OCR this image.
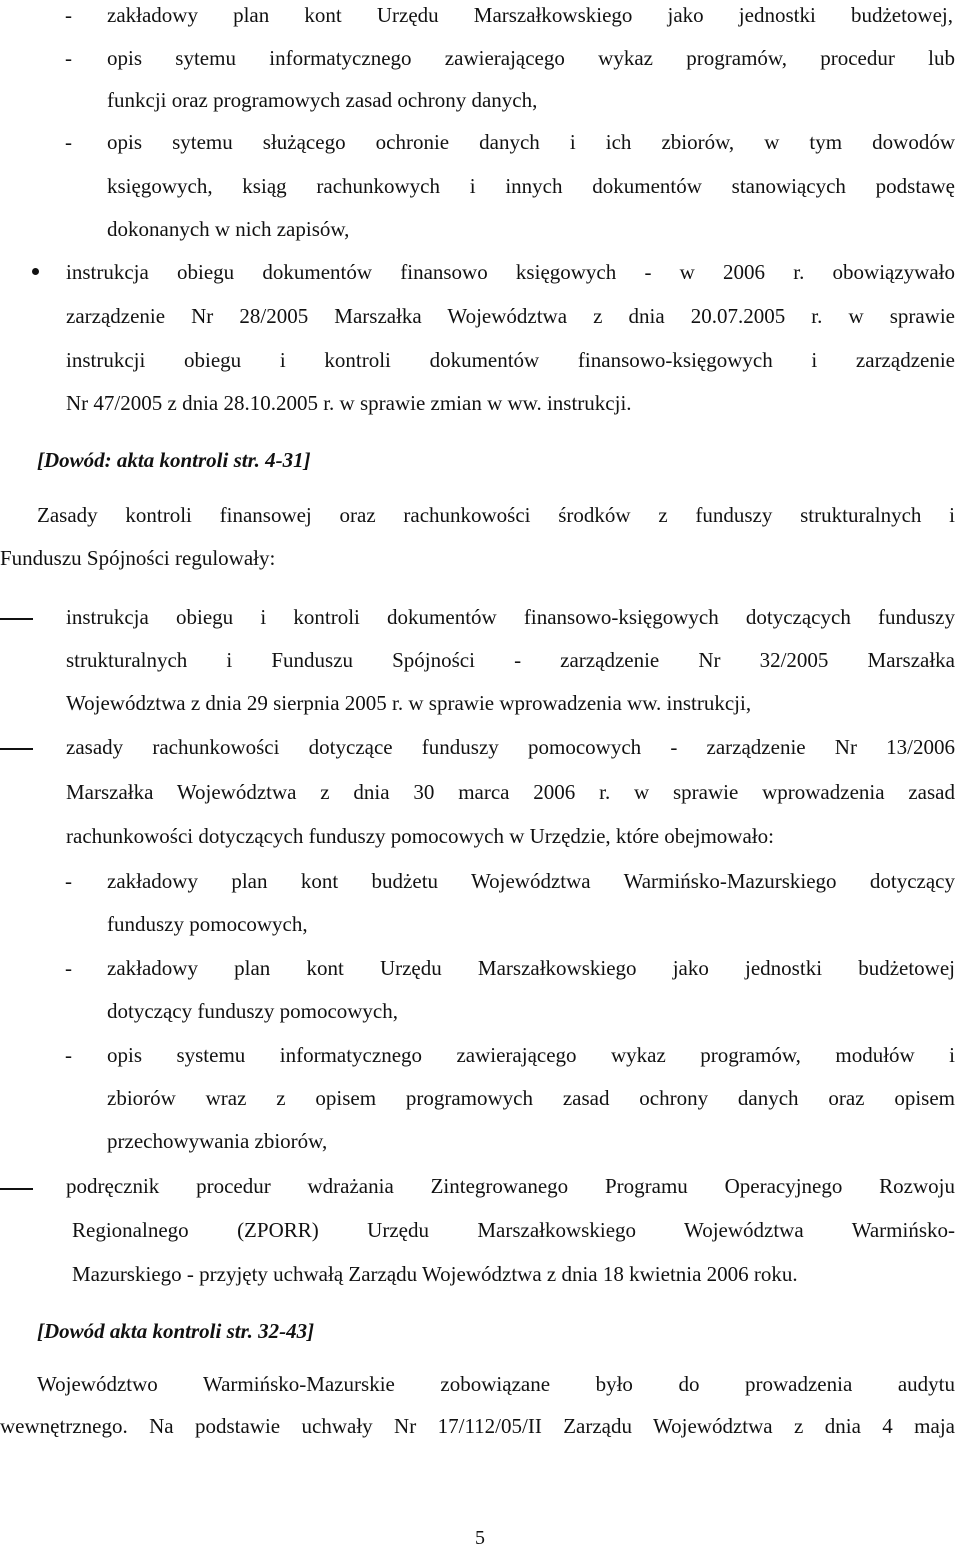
-
-
-
zakładowy plan kont Urzędu Marszałkowskiego jako jednostki budżetowej,
opis sytemu informatycznego zawierającego wykaz programów, procedur lub
funkcji oraz programowych zasad ochrony danych,
opis sytemu służącego ochronie danych i ich zbiorów, w tym dowodów
księgowych, ksiąg rachunkowych i innych dokumentów stanowiących podstawę
dokonanych w nich zapisów,
instrukcja obiegu dokumentów finansowo księgowych - w 2006 r. obowiązywało
zarządzenie Nr 28/2005 Marszałka Województwa z dnia 20.07.2005 r. w sprawie
instrukcji obiegu i kontroli dokumentów finansowo-księgowych i zarządzenie
Nr 47/2005 z dnia 28.10.2005 r. w sprawie zmian w ww. instrukcji.
[Dowód: akta kontroli str. 4-31]
Zasady kontroli finansowej oraz rachunkowości środków z funduszy strukturalnych i
Funduszu Spójności regulowały:
instrukcja obiegu i kontroli dokumentów finansowo-księgowych dotyczących funduszy
strukturalnych i Funduszu Spójności - zarządzenie Nr 32/2005 Marszałka
Województwa z dnia 29 sierpnia 2005 r. w sprawie wprowadzenia ww. instrukcji,
zasady rachunkowości dotyczące funduszy pomocowych - zarządzenie Nr 13/2006
Marszałka Województwa z dnia 30 marca 2006 r. w sprawie wprowadzenia zasad
rachunkowości dotyczących funduszy pomocowych w Urzędzie, które obejmowało:
- zakładowy plan kont budżetu Województwa Warmińsko-Mazurskiego dotyczący
funduszy pomocowych,
- zakładowy plan kont Urzędu Marszałkowskiego jako jednostki budżetowej
dotyczący funduszy pomocowych,
- opis systemu informatycznego zawierającego wykaz programów, modułów i
zbiorów wraz z opisem programowych zasad ochrony danych oraz opisem
przechowywania zbiorów,
podręcznik procedur wdrażania Zintegrowanego Programu Operacyjnego Rozwoju
Regionalnego (ZPORR) Urzędu Marszałkowskiego Województwa Warmińsko-
Mazurskiego - przyjęty uchwałą Zarządu Województwa z dnia 18 kwietnia 2006 roku.
[Dowód akta kontroli str. 32-43]
Województwo Warmińsko-Mazurskie zobowiązane było do prowadzenia audytu
wewnętrznego. Na podstawie uchwały Nr 17/112/05/II Zarządu Województwa z dnia 4 maja
5
